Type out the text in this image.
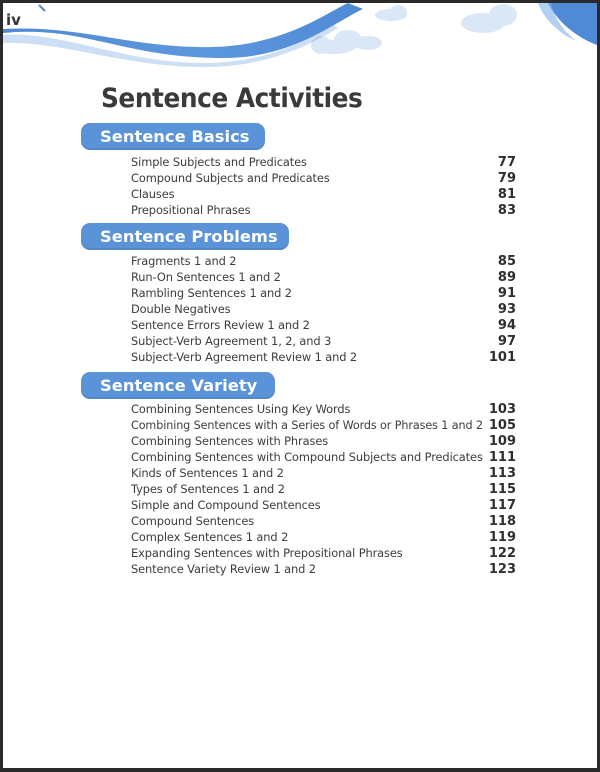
iv
Sentence Activities
Sentence Basics
Simple Subjects and Predicates	77
Compound Subjects and Predicates	79
Clauses	81
Prepositional Phrases	83
Sentence Problems
Fragments 1 and 2	85
Run-On Sentences 1 and 2	89
Rambling Sentences 1 and 2	91
Double Negatives	93
Sentence Errors Review 1 and 2	94
Subject-Verb Agreement 1, 2, and 3	97
Subject-Verb Agreement Review 1 and 2	101
Sentence Variety
Combining Sentences Using Key Words	103
Combining Sentences with a Series of Words or Phrases 1 and 2 105
Combining Sentences with Phrases	109
Combining Sentences with Compound Subjects and Predicates 111
Kinds of Sentences 1 and 2	113
Types of Sentences 1 and 2	115
Simple and Compound Sentences	117
Compound Sentences	118
Complex Sentences 1 and 2	119
Expanding Sentences with Prepositional Phrases	122
Sentence Variety Review 1 and 2	123
